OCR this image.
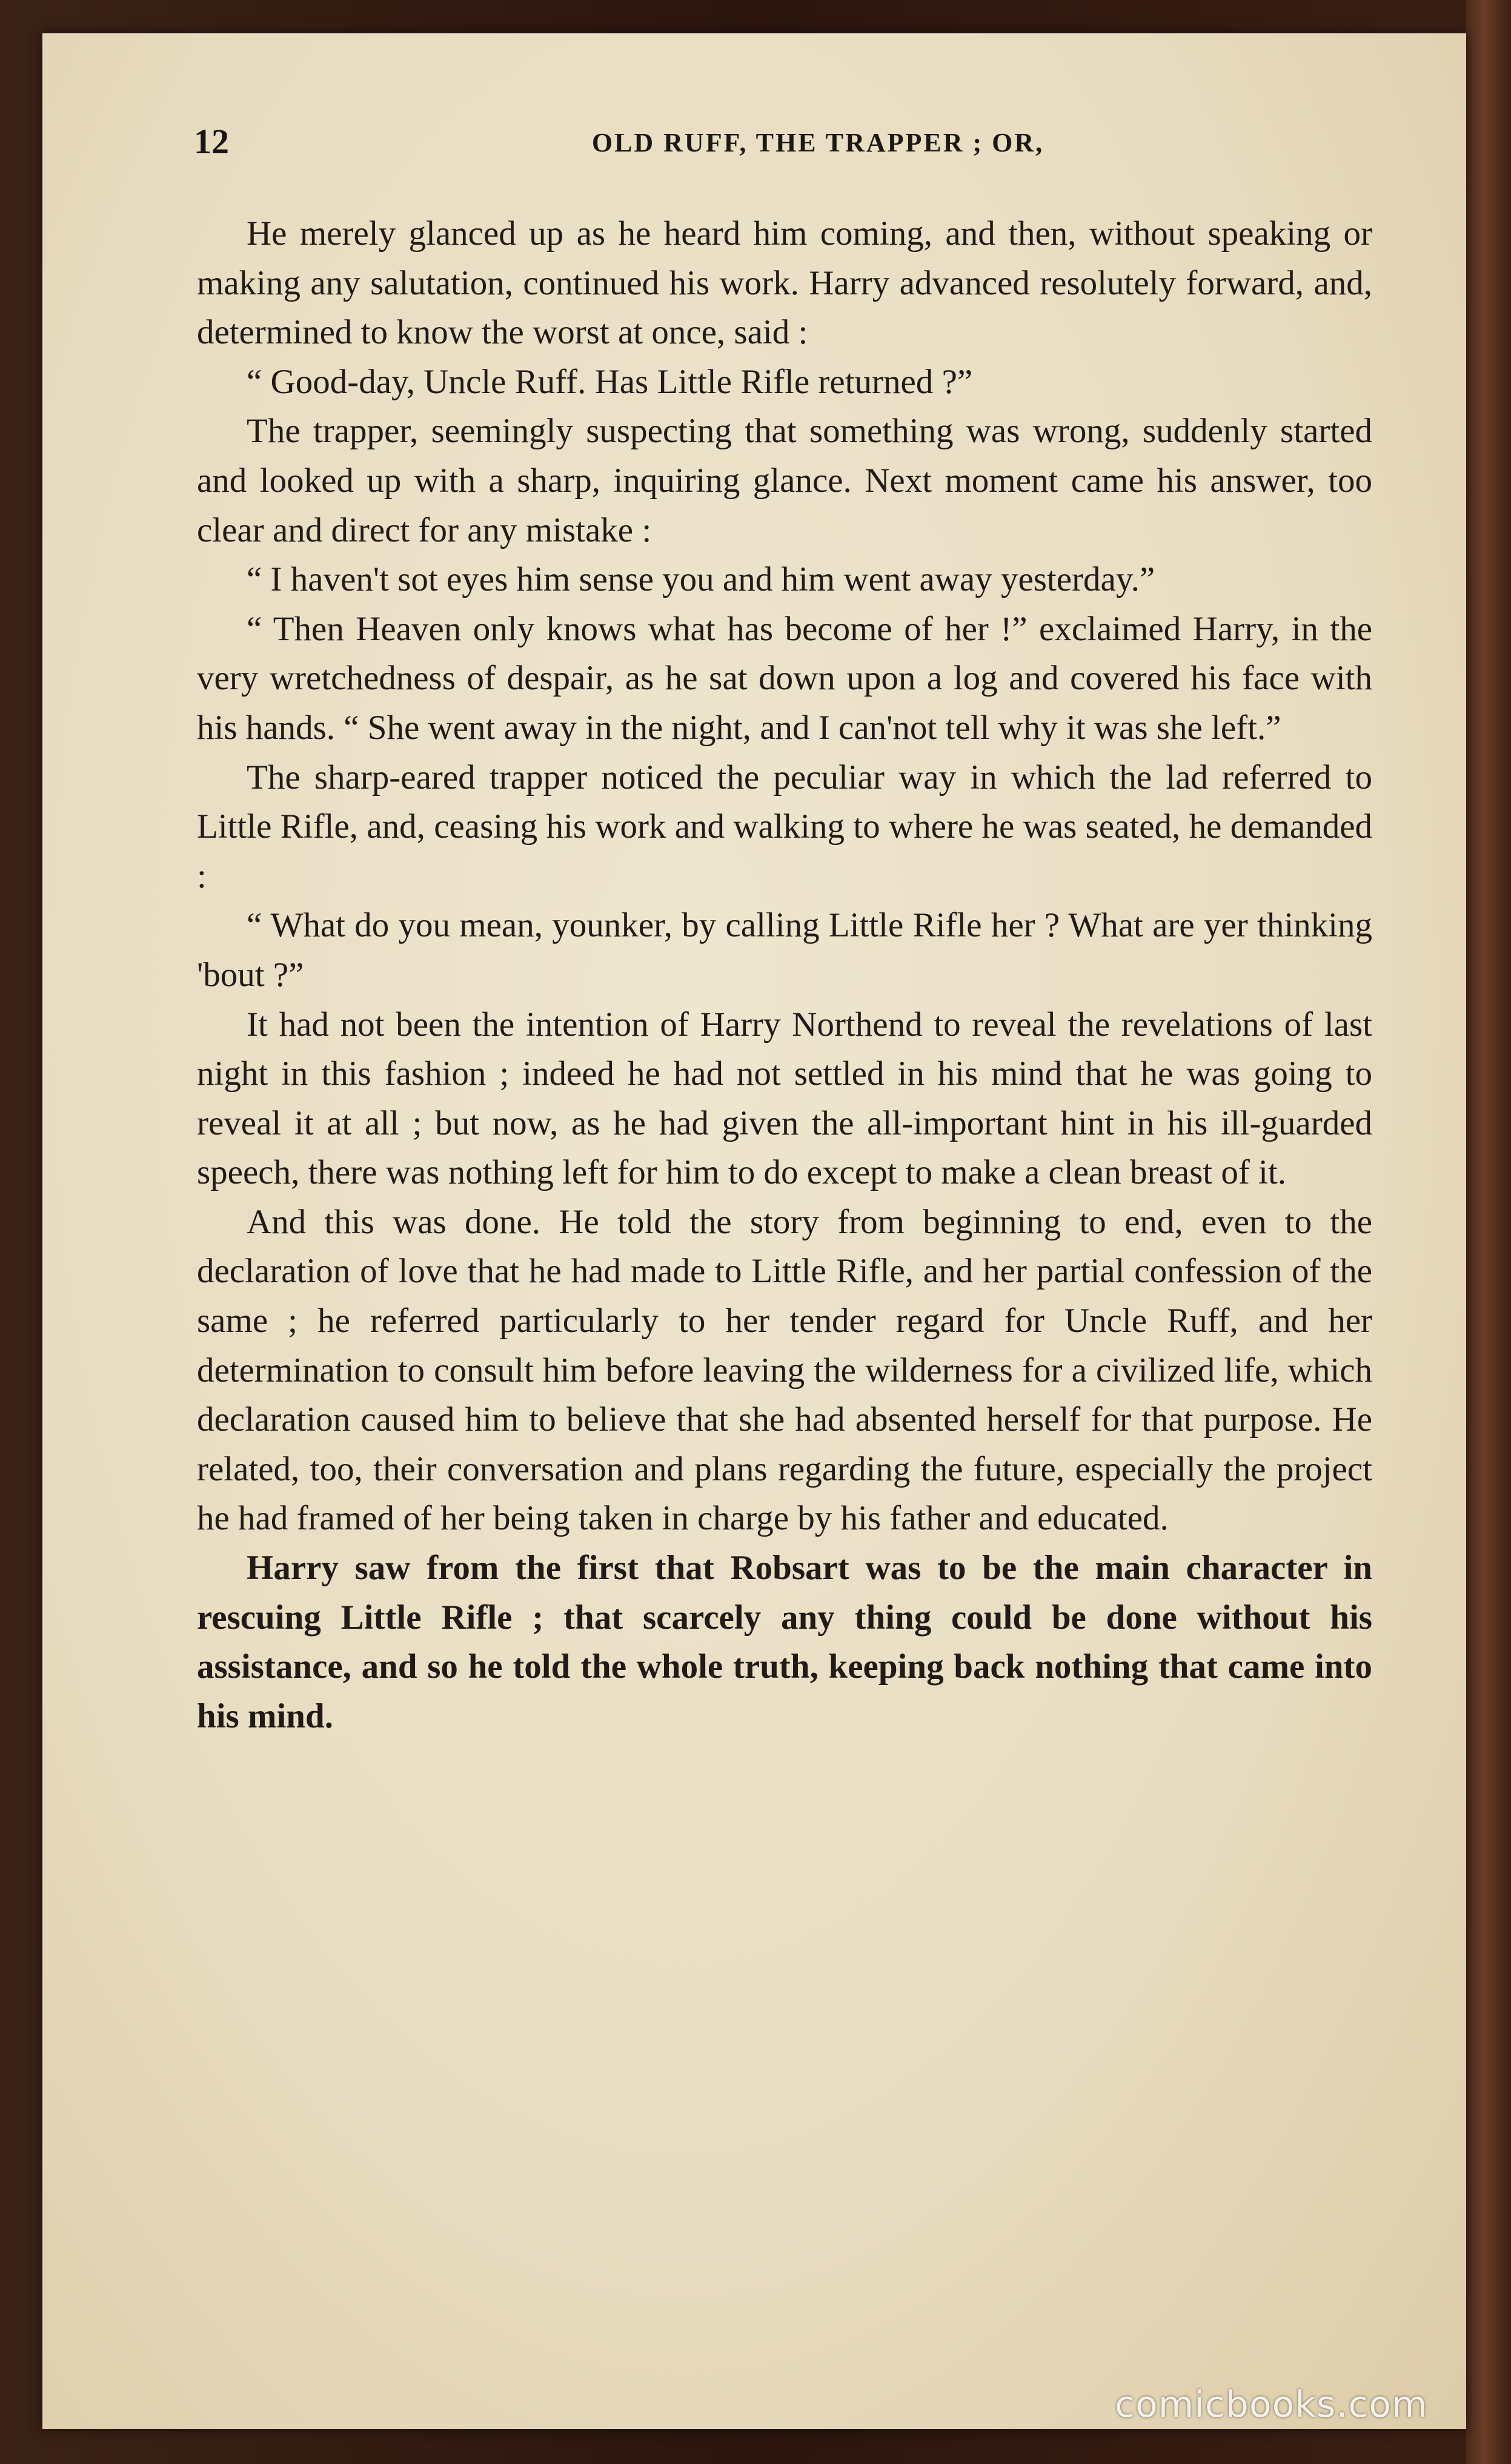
12	OLD RUFF, THE TRAPPER ; OR,

He merely glanced up as he heard him coming, and then, without speaking or making any salutation, continued his work. Harry advanced resolutely forward, and, determined to know the worst at once, said :

“ Good-day, Uncle Ruff. Has Little Rifle returned ?”

The trapper, seemingly suspecting that something was wrong, suddenly started and looked up with a sharp, inquiring glance. Next moment came his answer, too clear and direct for any mistake :

“ I haven't sot eyes him sense you and him went away yesterday.”

“ Then Heaven only knows what has become of her !” exclaimed Harry, in the very wretchedness of despair, as he sat down upon a log and covered his face with his hands. “ She went away in the night, and I can'not tell why it was she left.”

The sharp-eared trapper noticed the peculiar way in which the lad referred to Little Rifle, and, ceasing his work and walking to where he was seated, he demanded :

“ What do you mean, younker, by calling Little Rifle her ? What are yer thinking 'bout ?”

It had not been the intention of Harry Northend to reveal the revelations of last night in this fashion ; indeed he had not settled in his mind that he was going to reveal it at all ; but now, as he had given the all-important hint in his ill-guarded speech, there was nothing left for him to do except to make a clean breast of it.

And this was done. He told the story from beginning to end, even to the declaration of love that he had made to Little Rifle, and her partial confession of the same ; he referred particularly to her tender regard for Uncle Ruff, and her determination to consult him before leaving the wilderness for a civilized life, which declaration caused him to believe that she had absented herself for that purpose. He related, too, their conversation and plans regarding the future, especially the project he had framed of her being taken in charge by his father and educated.

Harry saw from the first that Robsart was to be the main character in rescuing Little Rifle ; that scarcely any thing could be done without his assistance, and so he told the whole truth, keeping back nothing that came into his mind.

comicbooks.com
